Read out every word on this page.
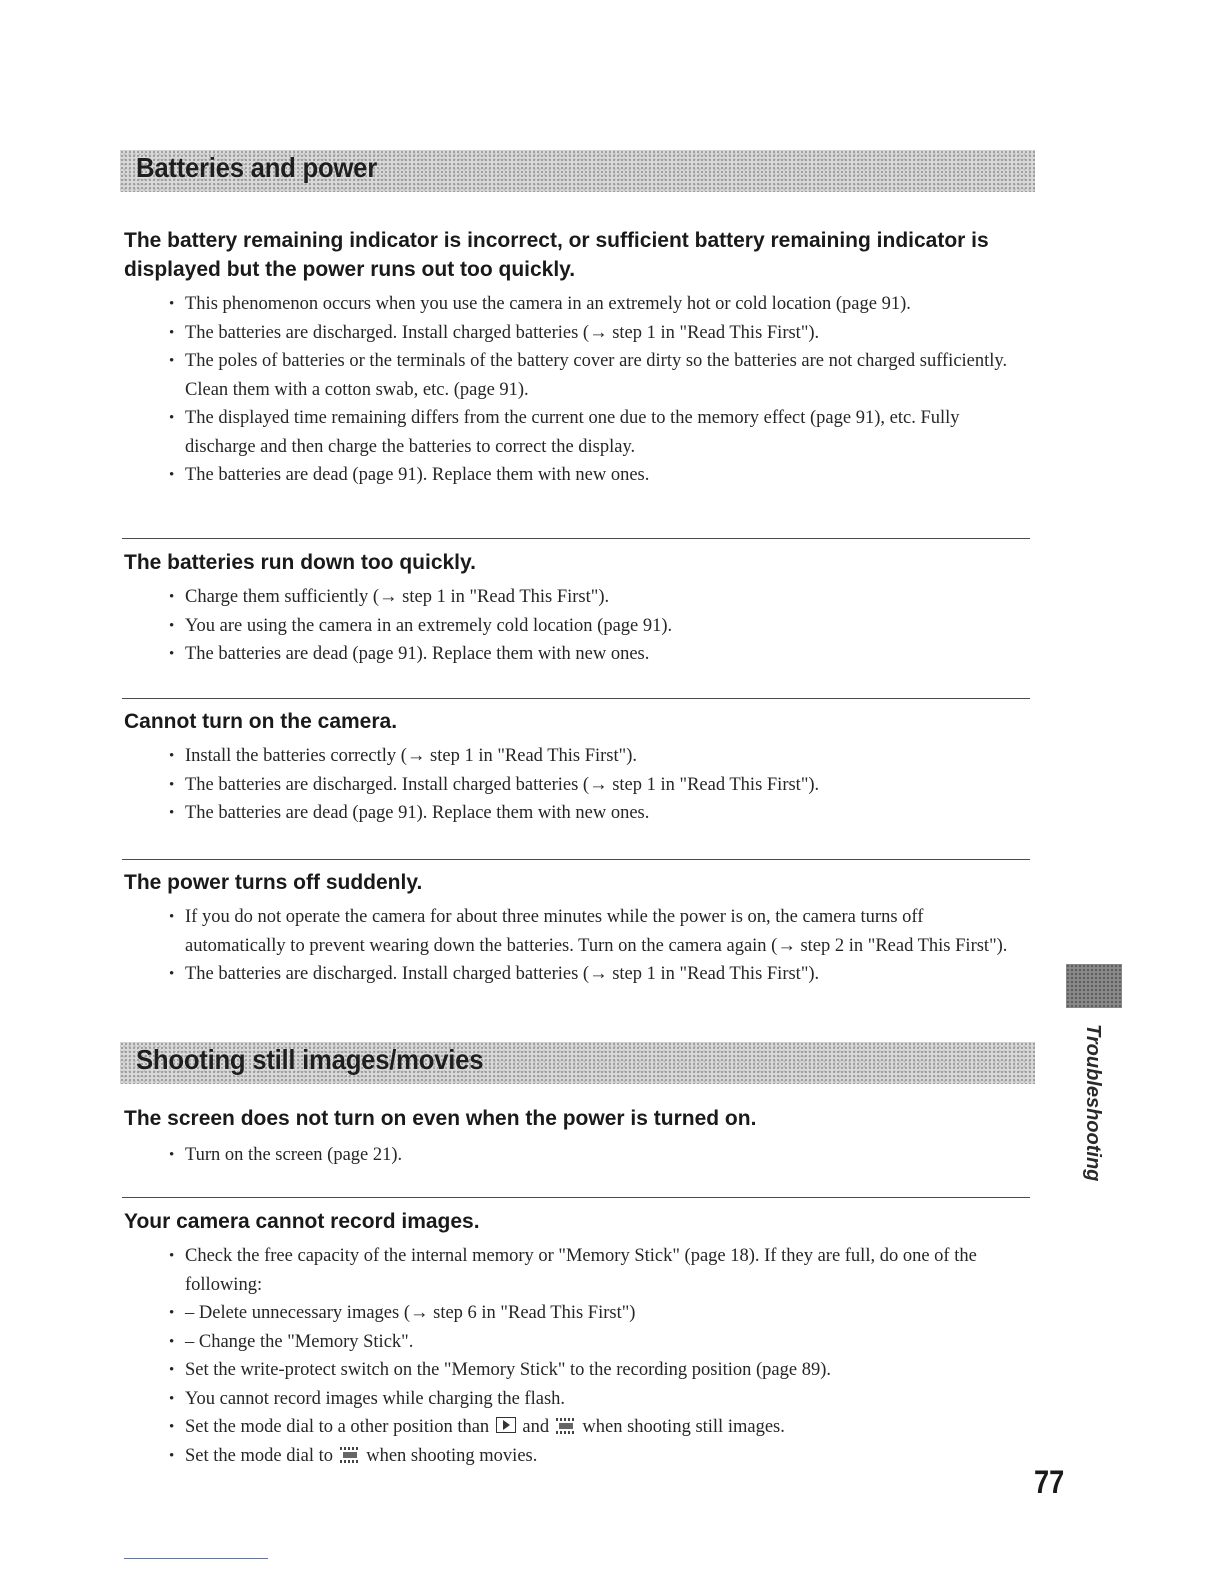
Batteries and power
The battery remaining indicator is incorrect, or sufficient battery remaining indicator is displayed but the power runs out too quickly.
• This phenomenon occurs when you use the camera in an extremely hot or cold location (page 91).
• The batteries are discharged. Install charged batteries (→ step 1 in "Read This First").
• The poles of batteries or the terminals of the battery cover are dirty so the batteries are not charged sufficiently. Clean them with a cotton swab, etc. (page 91).
• The displayed time remaining differs from the current one due to the memory effect (page 91), etc. Fully discharge and then charge the batteries to correct the display.
• The batteries are dead (page 91). Replace them with new ones.
The batteries run down too quickly.
• Charge them sufficiently (→ step 1 in "Read This First").
• You are using the camera in an extremely cold location (page 91).
• The batteries are dead (page 91). Replace them with new ones.
Cannot turn on the camera.
• Install the batteries correctly (→ step 1 in "Read This First").
• The batteries are discharged. Install charged batteries (→ step 1 in "Read This First").
• The batteries are dead (page 91). Replace them with new ones.
The power turns off suddenly.
• If you do not operate the camera for about three minutes while the power is on, the camera turns off automatically to prevent wearing down the batteries. Turn on the camera again (→ step 2 in "Read This First").
• The batteries are discharged. Install charged batteries (→ step 1 in "Read This First").
Shooting still images/movies
The screen does not turn on even when the power is turned on.
• Turn on the screen (page 21).
Your camera cannot record images.
• Check the free capacity of the internal memory or "Memory Stick" (page 18). If they are full, do one of the following:
• – Delete unnecessary images (→ step 6 in "Read This First")
• – Change the "Memory Stick".
• Set the write-protect switch on the "Memory Stick" to the recording position (page 89).
• You cannot record images while charging the flash.
• Set the mode dial to a other position than and when shooting still images.
• Set the mode dial to when shooting movies.
Troubleshooting
77
